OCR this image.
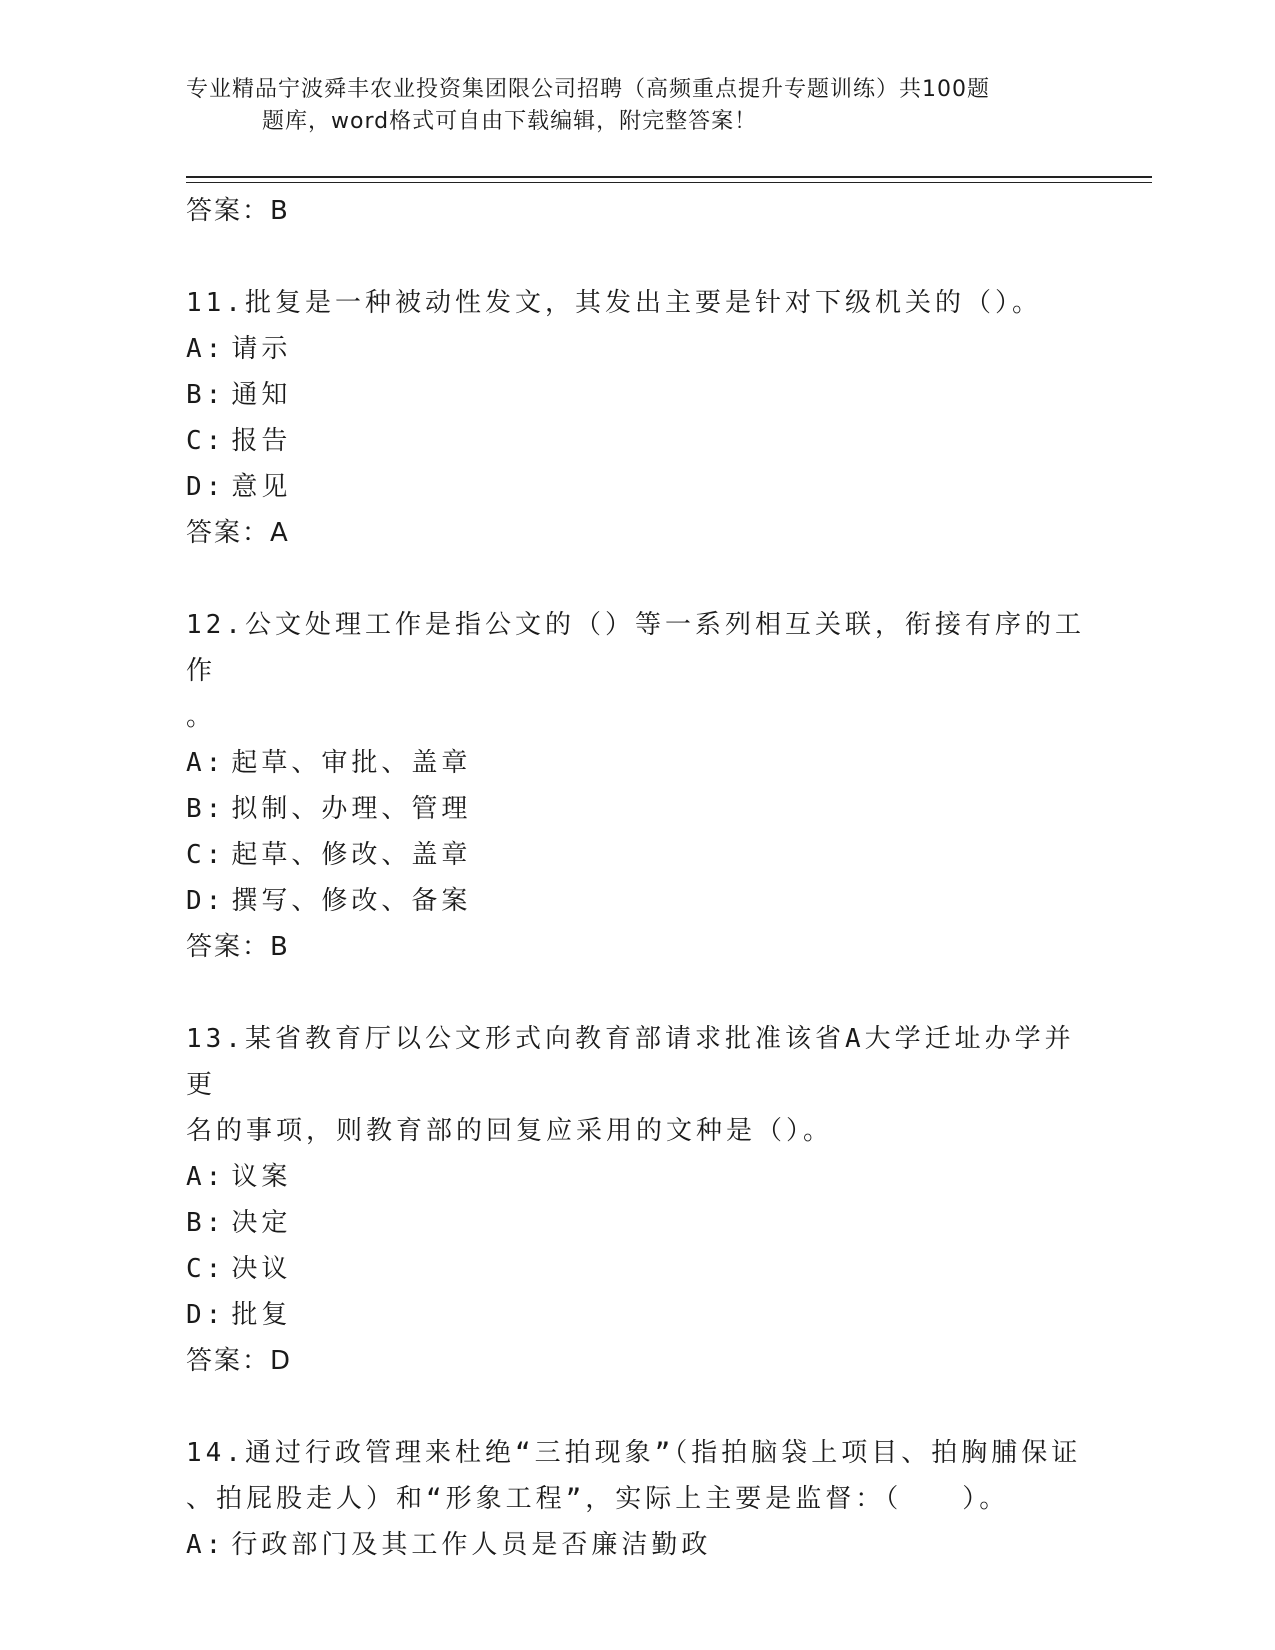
专业精品宁波舜丰农业投资集团限公司招聘（高频重点提升专题训练）共100题
题库，word格式可自由下载编辑，附完整答案！
答案：B
11.批复是一种被动性发文，其发出主要是针对下级机关的（）。
A: 请示
B: 通知
C: 报告
D: 意见
答案：A
12.公文处理工作是指公文的（）等一系列相互关联，衔接有序的工作
。
A: 起草、审批、盖章
B: 拟制、办理、管理
C: 起草、修改、盖章
D: 撰写、修改、备案
答案：B
13.某省教育厅以公文形式向教育部请求批准该省A大学迁址办学并更
名的事项，则教育部的回复应采用的文种是（）。
A: 议案
B: 决定
C: 决议
D: 批复
答案：D
14.通过行政管理来杜绝“三拍现象”（指拍脑袋上项目、拍胸脯保证
、拍屁股走人）和“形象工程”，实际上主要是监督：（　　）。
A: 行政部门及其工作人员是否廉洁勤政
